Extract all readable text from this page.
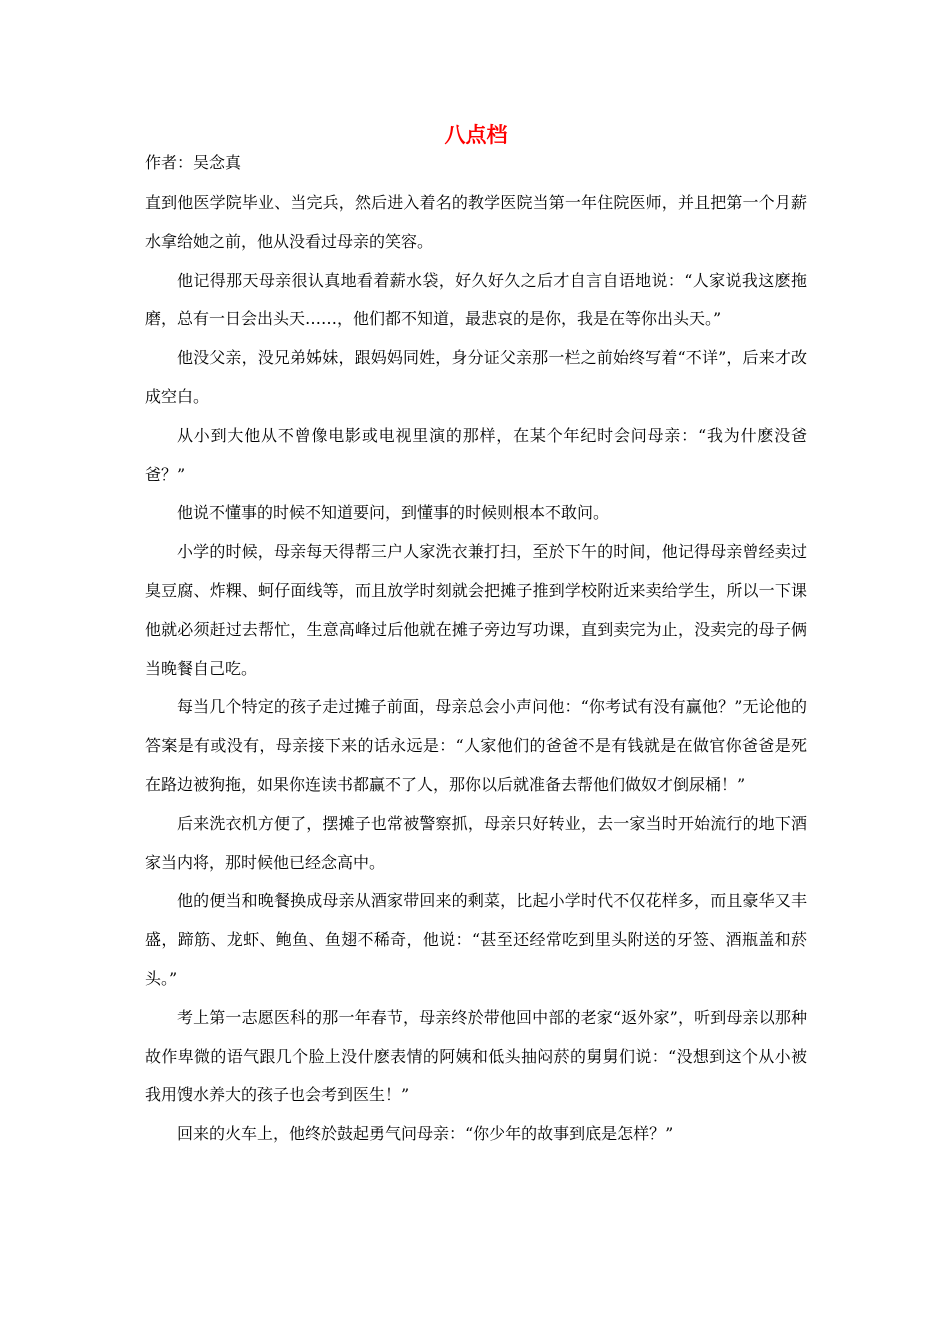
八点档
作者：吴念真

直到他医学院毕业、当完兵，然后进入着名的教学医院当第一年住院医师，并且把第一个月薪水拿给她之前，他从没看过母亲的笑容。

他记得那天母亲很认真地看着薪水袋，好久好久之后才自言自语地说：“人家说我这麽拖磨，总有一日会出头天……，他们都不知道，最悲哀的是你，我是在等你出头天。”

他没父亲，没兄弟姊妹，跟妈妈同姓，身分证父亲那一栏之前始终写着“不详”，后来才改成空白。

从小到大他从不曾像电影或电视里演的那样，在某个年纪时会问母亲：“我为什麽没爸爸？”

他说不懂事的时候不知道要问，到懂事的时候则根本不敢问。

小学的时候，母亲每天得帮三户人家洗衣兼打扫，至於下午的时间，他记得母亲曾经卖过臭豆腐、炸粿、蚵仔面线等，而且放学时刻就会把摊子推到学校附近来卖给学生，所以一下课他就必须赶过去帮忙，生意高峰过后他就在摊子旁边写功课，直到卖完为止，没卖完的母子俩当晚餐自己吃。

每当几个特定的孩子走过摊子前面，母亲总会小声问他：“你考试有没有赢他？”无论他的答案是有或没有，母亲接下来的话永远是：“人家他们的爸爸不是有钱就是在做官你爸爸是死在路边被狗拖，如果你连读书都赢不了人，那你以后就准备去帮他们做奴才倒尿桶！”

后来洗衣机方便了，摆摊子也常被警察抓，母亲只好转业，去一家当时开始流行的地下酒家当内将，那时候他已经念高中。

他的便当和晚餐换成母亲从酒家带回来的剩菜，比起小学时代不仅花样多，而且豪华又丰盛，蹄筋、龙虾、鲍鱼、鱼翅不稀奇，他说：“甚至还经常吃到里头附送的牙签、酒瓶盖和菸头。”

考上第一志愿医科的那一年春节，母亲终於带他回中部的老家“返外家”，听到母亲以那种故作卑微的语气跟几个脸上没什麽表情的阿姨和低头抽闷菸的舅舅们说：“没想到这个从小被我用馊水养大的孩子也会考到医生！”

回来的火车上，他终於鼓起勇气问母亲：“你少年的故事到底是怎样？”
